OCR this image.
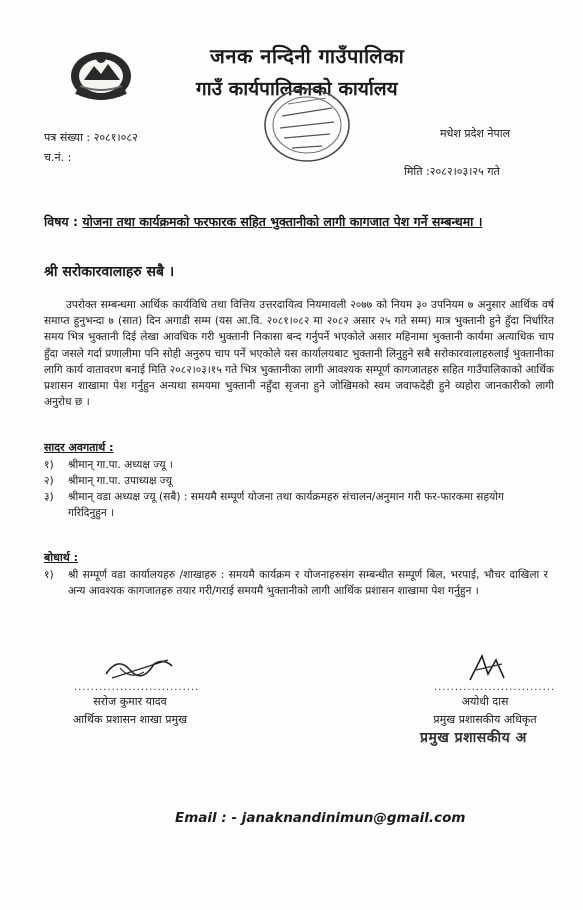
जनक नन्दिनी गाउँपालिका
गाउँ कार्यपालिकाको कार्यालय
पत्र संख्या : २०८१।०८२
च.नं. :
मधेश प्रदेश नेपाल
मिति :२०८२।०३।२५ गते
विषय : योजना तथा कार्यक्रमको फरफारक सहित भुक्तानीको लागी कागजात पेश गर्ने सम्बन्धमा ।
श्री सरोकारवालाहरु सबै ।
उपरोक्त सम्बन्धमा आर्थिक कार्यविधि तथा वित्तिय उत्तरदायित्व नियमावली २०७७ को नियम ३० उपनियम ७ अनुसार आर्थिक वर्ष समाप्त हुनुभन्दा ७ (सात) दिन अगाडी सम्म (यस आ.वि. २०८१।०८२ मा २०८२ असार २५ गते सम्म) मात्र भुक्तानी हुने हुँदा निर्धारित समय भित्र भुक्तानी दिई लेखा आवधिक गरी भुक्तानी निकासा बन्द गर्नुपर्ने भएकोले असार महिनामा भुक्तानी कार्यमा अत्याधिक चाप हुँदा जसले गर्दा प्रणालीमा पनि सोही अनुरुप चाप पर्ने भएकोले यस कार्यालयबाट भुक्तानी लिनुहुने सबै सरोकारवालाहरुलाई भुक्तानीका लागि कार्य वातावरण बनाई मिति २०८२।०३।१५ गते भित्र भुक्तानीका लागी आवश्यक सम्पूर्ण कागजातहरु सहित गाउँपालिकाको आर्थिक प्रशासन शाखामा पेश गर्नुहुन अन्यथा समयमा भुक्तानी नहुँदा सृजना हुने जोखिमको स्वम जवाफदेही हुने व्यहोरा जानकारीको लागी अनुरोध छ ।
सादर अवगतार्थ :
१) श्रीमान् गा.पा. अध्यक्ष ज्यू ।
२) श्रीमान् गा.पा. उपाध्यक्ष ज्यू
३)	श्रीमान् वडा अध्यक्ष ज्यू (सबै) : समयमै सम्पूर्ण योजना तथा कार्यक्रमहरु संचालन/अनुमान गरी फर-फारकमा सहयोग गरिदिनुहुन ।
बोधार्थ :
१)	श्री सम्पूर्ण वडा कार्यालयहरु /शाखाहरु : समयमै कार्यक्रम र योजनाहरुसंग सम्बन्धीत सम्पूर्ण बिल, भरपाई, भौचर दाखिला र अन्य आवश्यक कागजातहरु तयार गरी/गराई समयमै भुक्तानीको लागी आर्थिक प्रशासन शाखामा पेश गर्नुहुन ।
..............................
सरोज कुमार यादव
आर्थिक प्रशासन शाखा प्रमुख
.............................
अयोधी दास
प्रमुख प्रशासकीय अधिकृत
प्रमुख प्रशासकीय अ
Email : - janaknandinimun@gmail.com
